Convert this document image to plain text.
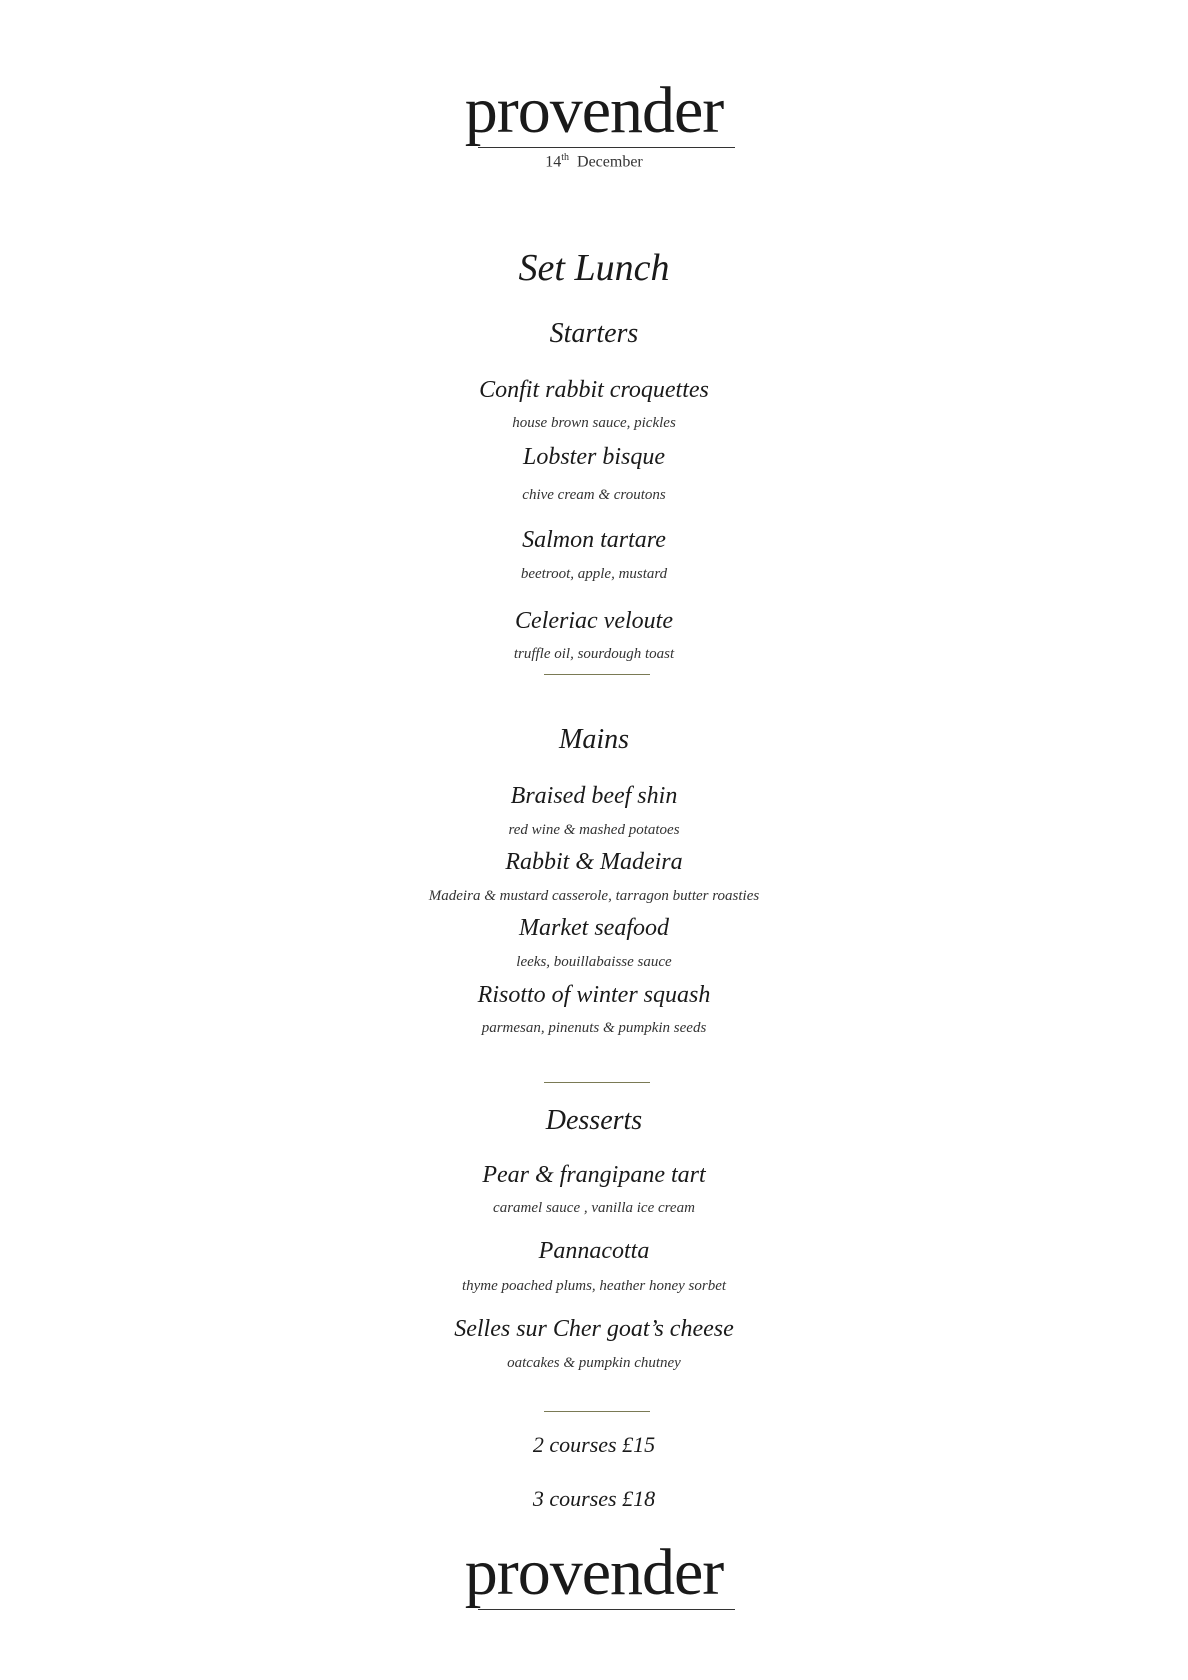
provender
14th December
Set Lunch
Starters
Confit rabbit croquettes
house brown sauce, pickles
Lobster bisque
chive cream & croutons
Salmon tartare
beetroot, apple, mustard
Celeriac veloute
truffle oil, sourdough toast
Mains
Braised beef shin
red wine & mashed potatoes
Rabbit & Madeira
Madeira & mustard casserole, tarragon butter roasties
Market seafood
leeks, bouillabaisse sauce
Risotto of winter squash
parmesan, pinenuts & pumpkin seeds
Desserts
Pear & frangipane tart
caramel sauce , vanilla ice cream
Pannacotta
thyme poached plums, heather honey sorbet
Selles sur Cher goat’s cheese
oatcakes & pumpkin chutney
2 courses £15
3 courses £18
provender
